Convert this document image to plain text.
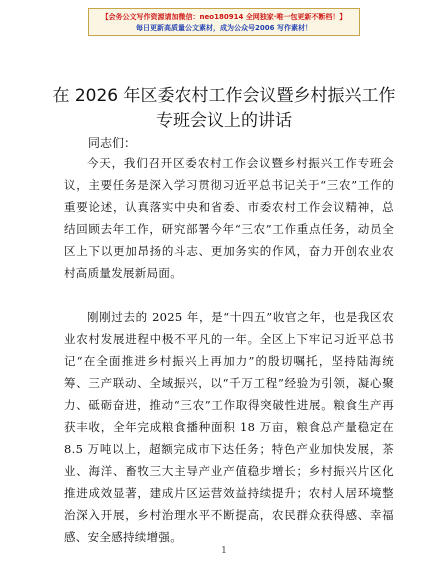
【会务公文写作资源请加微信：neo180914 全网独家·唯一包更新不断档！】
每日更新高质量公文素材，成为公众号2006 写作素材！
在 2026 年区委农村工作会议暨乡村振兴工作专班会议上的讲话
同志们：

今天，我们召开区委农村工作会议暨乡村振兴工作专班会议，主要任务是深入学习贯彻习近平总书记关于“三农”工作的重要论述，认真落实中央和省委、市委农村工作会议精神，总结回顾去年工作，研究部署今年“三农”工作重点任务，动员全区上下以更加昂扬的斗志、更加务实的作风，奋力开创农业农村高质量发展新局面。

刚刚过去的 2025 年，是“十四五”收官之年，也是我区农业农村发展进程中极不平凡的一年。全区上下牢记习近平总书记“在全面推进乡村振兴上再加力”的殷切嘱托，坚持陆海统筹、三产联动、全域振兴，以“千万工程”经验为引领，凝心聚力、砥砺奋进，推动“三农”工作取得突破性进展。粮食生产再获丰收，全年完成粮食播种面积 18 万亩，粮食总产量稳定在 8.5 万吨以上，超额完成市下达任务；特色产业加快发展，茶业、海洋、畜牧三大主导产业产值稳步增长；乡村振兴片区化推进成效显著，建成片区运营效益持续提升；农村人居环境整治深入开展，乡村治理水平不断提高，农民群众获得感、幸福感、安全感持续增强。

1
